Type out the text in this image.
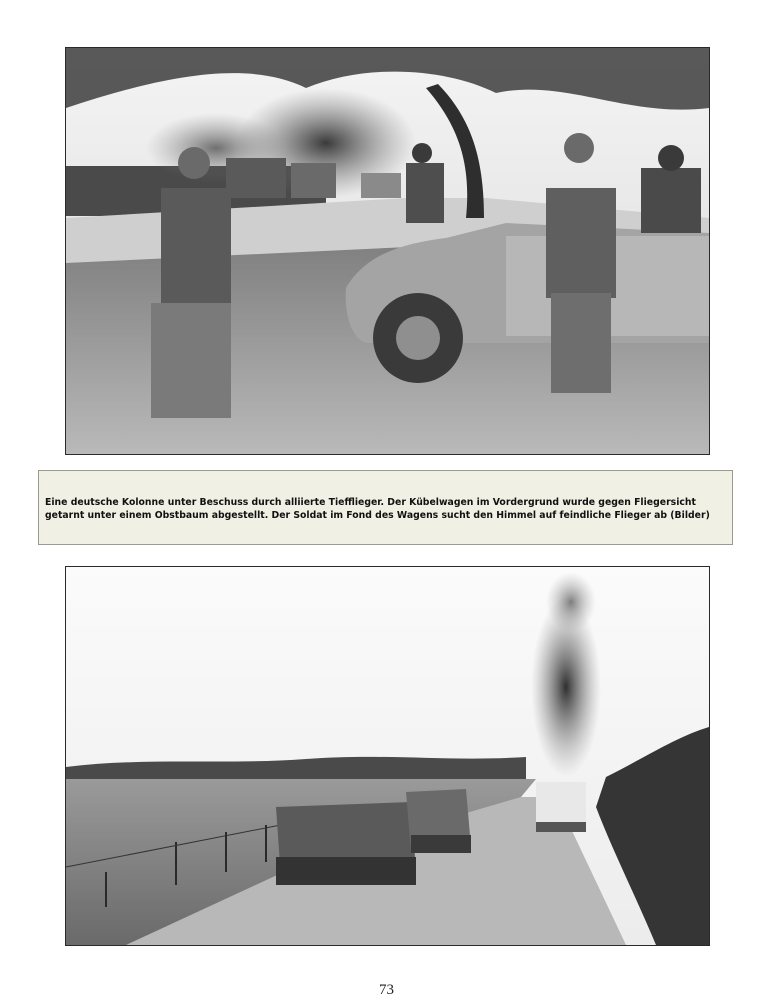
Eine deutsche Kolonne unter Beschuss durch alliierte Tiefflieger. Der Kübelwagen im Vordergrund wurde gegen Fliegersicht getarnt unter einem Obstbaum abgestellt. Der Soldat im Fond des Wagens sucht den Himmel auf feindliche Flieger ab (Bilder)

73
